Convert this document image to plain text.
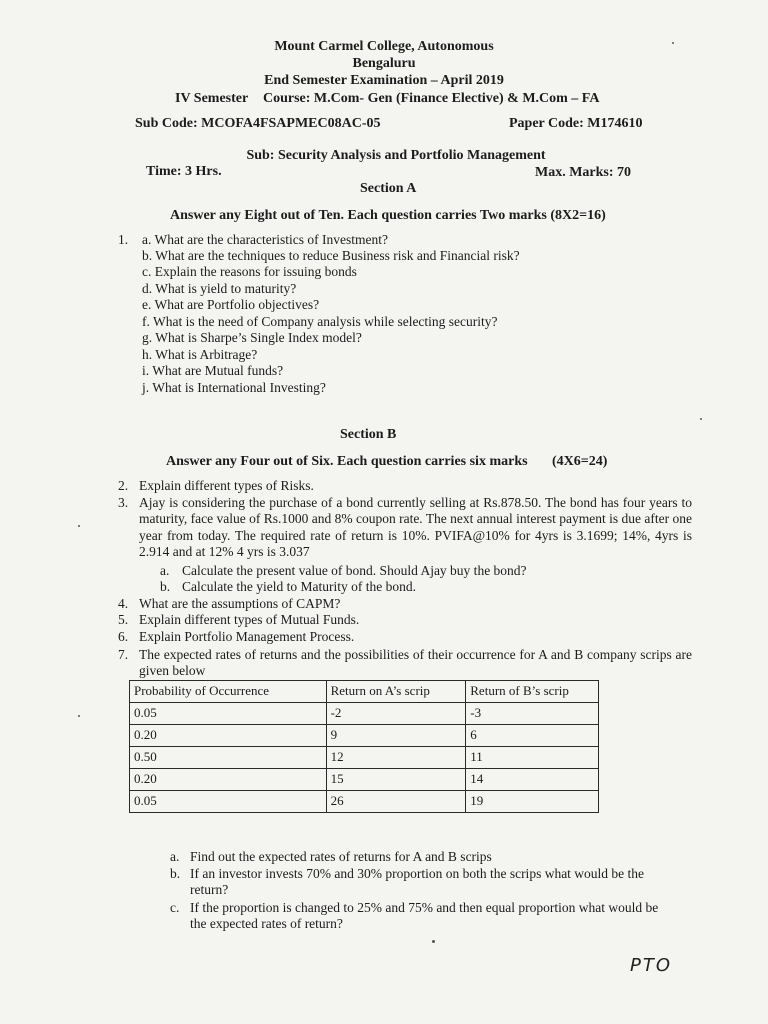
Mount Carmel College, Autonomous
Bengaluru
End Semester Examination – April 2019
IV Semester Course: M.Com- Gen (Finance Elective) & M.Com – FA
Sub Code: MCOFA4FSAPMEC08AC-05	Paper Code: M174610
Sub: Security Analysis and Portfolio Management
Time: 3 Hrs.	Max. Marks: 70
Section A
Answer any Eight out of Ten. Each question carries Two marks (8X2=16)
1. a. What are the characteristics of Investment?
b. What are the techniques to reduce Business risk and Financial risk?
c. Explain the reasons for issuing bonds
d. What is yield to maturity?
e. What are Portfolio objectives?
f. What is the need of Company analysis while selecting security?
g. What is Sharpe’s Single Index model?
h. What is Arbitrage?
i. What are Mutual funds?
j. What is International Investing?
Section B
Answer any Four out of Six. Each question carries six marks (4X6=24)
2. Explain different types of Risks.
3. Ajay is considering the purchase of a bond currently selling at Rs.878.50. The bond has four years to maturity, face value of Rs.1000 and 8% coupon rate. The next annual interest payment is due after one year from today. The required rate of return is 10%. PVIFA@10% for 4yrs is 3.1699; 14%, 4yrs is 2.914 and at 12% 4 yrs is 3.037
a. Calculate the present value of bond. Should Ajay buy the bond?
b. Calculate the yield to Maturity of the bond.
4. What are the assumptions of CAPM?
5. Explain different types of Mutual Funds.
6. Explain Portfolio Management Process.
7. The expected rates of returns and the possibilities of their occurrence for A and B company scrips are given below
Probability of Occurrence	Return on A’s scrip	Return of B’s scrip
0.05	-2	-3
0.20	9	6
0.50	12	11
0.20	15	14
0.05	26	19
a. Find out the expected rates of returns for A and B scrips
b. If an investor invests 70% and 30% proportion on both the scrips what would be the
return?
c. If the proportion is changed to 25% and 75% and then equal proportion what would be
the expected rates of return?
PTO
